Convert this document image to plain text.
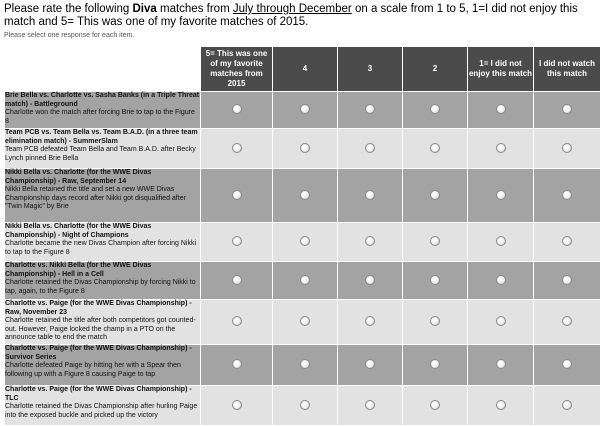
Please rate the following Diva matches from July through December on a scale from 1 to 5, 1=I did not enjoy this match and 5= This was one of my favorite matches of 2015.

Please select one response for each item.

	5= This was one of my favorite matches from 2015	4	3	2	1= I did not enjoy this match	I did not watch this match

Brie Bella vs. Charlotte vs. Sasha Banks (in a Triple Threat match) - Battleground
Charlotte won the match after forcing Brie to tap to the Figure 8						

Team PCB vs. Team Bella vs. Team B.A.D. (in a three team elimination match) - SummerSlam
Team PCB defeated Team Bella and Team B.A.D. after Becky Lynch pinned Brie Bella						

Nikki Bella vs. Charlotte (for the WWE Divas Championship) - Raw, September 14
Nikki Bella retained the title and set a new WWE Divas Championship days record after Nikki got disqualified after "Twin Magic" by Brie						

Nikki Bella vs. Charlotte (for the WWE Divas Championship) - Night of Champions
Charlotte became the new Divas Champion after forcing Nikki to tap to the Figure 8						

Charlotte vs. Nikki Bella (for the WWE Divas Championship) - Hell in a Cell
Charlotte retained the Divas Championship by forcing Nikki to tap, again, to the Figure 8						

Charlotte vs. Paige (for the WWE Divas Championship) - Raw, November 23
Charlotte retained the title after both competitors got counted-out. However, Paige locked the champ in a PTO on the announce table to end the match						

Charlotte vs. Paige (for the WWE Divas Championship) - Survivor Series
Charlotte defeated Paige by hitting her with a Spear then following up with a Figure 8 causing Paige to tap						

Charlotte vs. Paige (for the WWE Divas Championship) - TLC
Charlotte retained the Divas Championship after hurling Paige into the exposed buckle and picked up the victory						
